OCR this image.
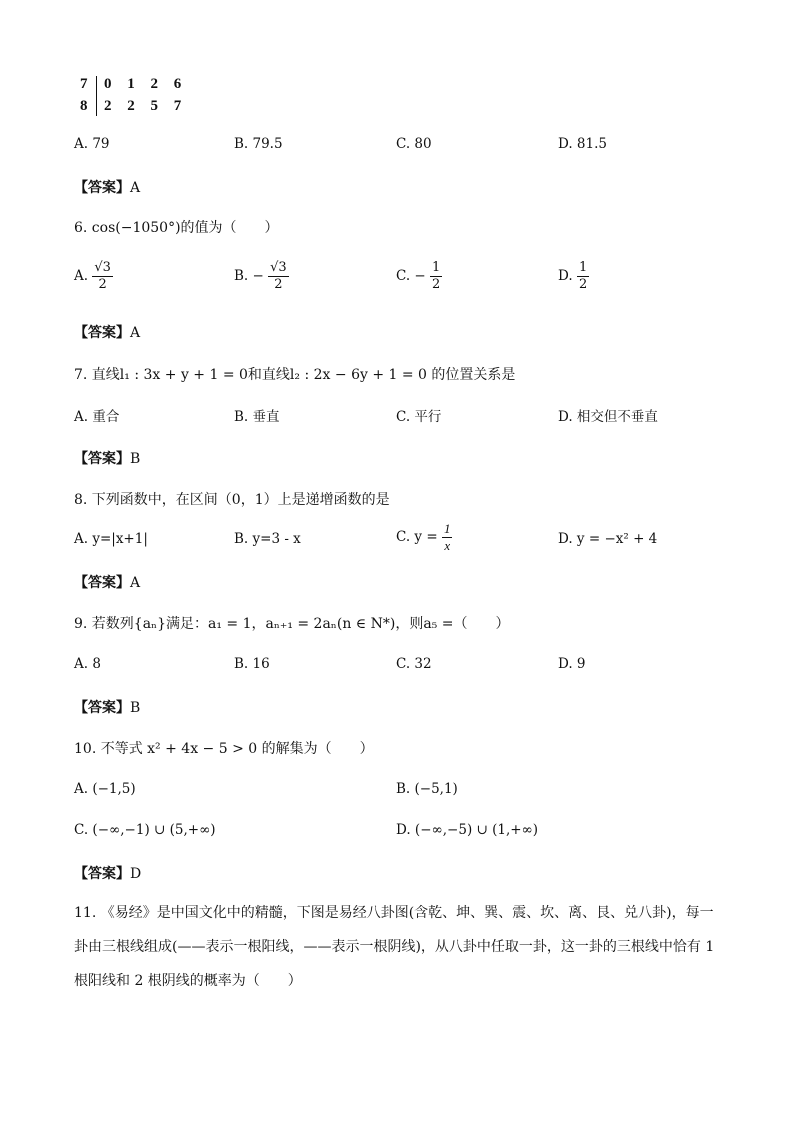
7 0 1 2 6
8 2 2 5 7
A. 79	B. 79.5	C. 80	D. 81.5
【答案】A
6. cos(−1050°)的值为（　　）
A. $\frac{√3}{2}$	B. − $\frac{√3}{2}$	C. − $\frac{1}{2}$	D. $\frac{1}{2}$
【答案】A
7. 直线l₁ : 3x + y + 1 = 0和直线l₂ : 2x − 6y + 1 = 0 的位置关系是
A. 重合	B. 垂直	C. 平行	D. 相交但不垂直
【答案】B
8. 下列函数中，在区间（0，1）上是递增函数的是
A. y=|x+1|	B. y=3 - x	C. $y = \frac{1}{x}$	D. y = −x² + 4
【答案】A
9. 若数列{aₙ}满足：a₁ = 1，aₙ₊₁ = 2aₙ(n ∈ N*)，则a₅ =（　　）
A. 8	B. 16	C. 32	D. 9
【答案】B
10. 不等式 x² + 4x − 5 > 0 的解集为（　　）
A. (−1,5)	B. (−5,1)
C. (−∞,−1) ∪ (5,+∞)	D. (−∞,−5) ∪ (1,+∞)
【答案】D
11. 《易经》是中国文化中的精髓，下图是易经八卦图(含乾、坤、巽、震、坎、离、艮、兑八卦)，每一卦由三根线组成(——表示一根阳线，——表示一根阴线)，从八卦中任取一卦，这一卦的三根线中恰有 1 根阳线和 2 根阴线的概率为（　　）
